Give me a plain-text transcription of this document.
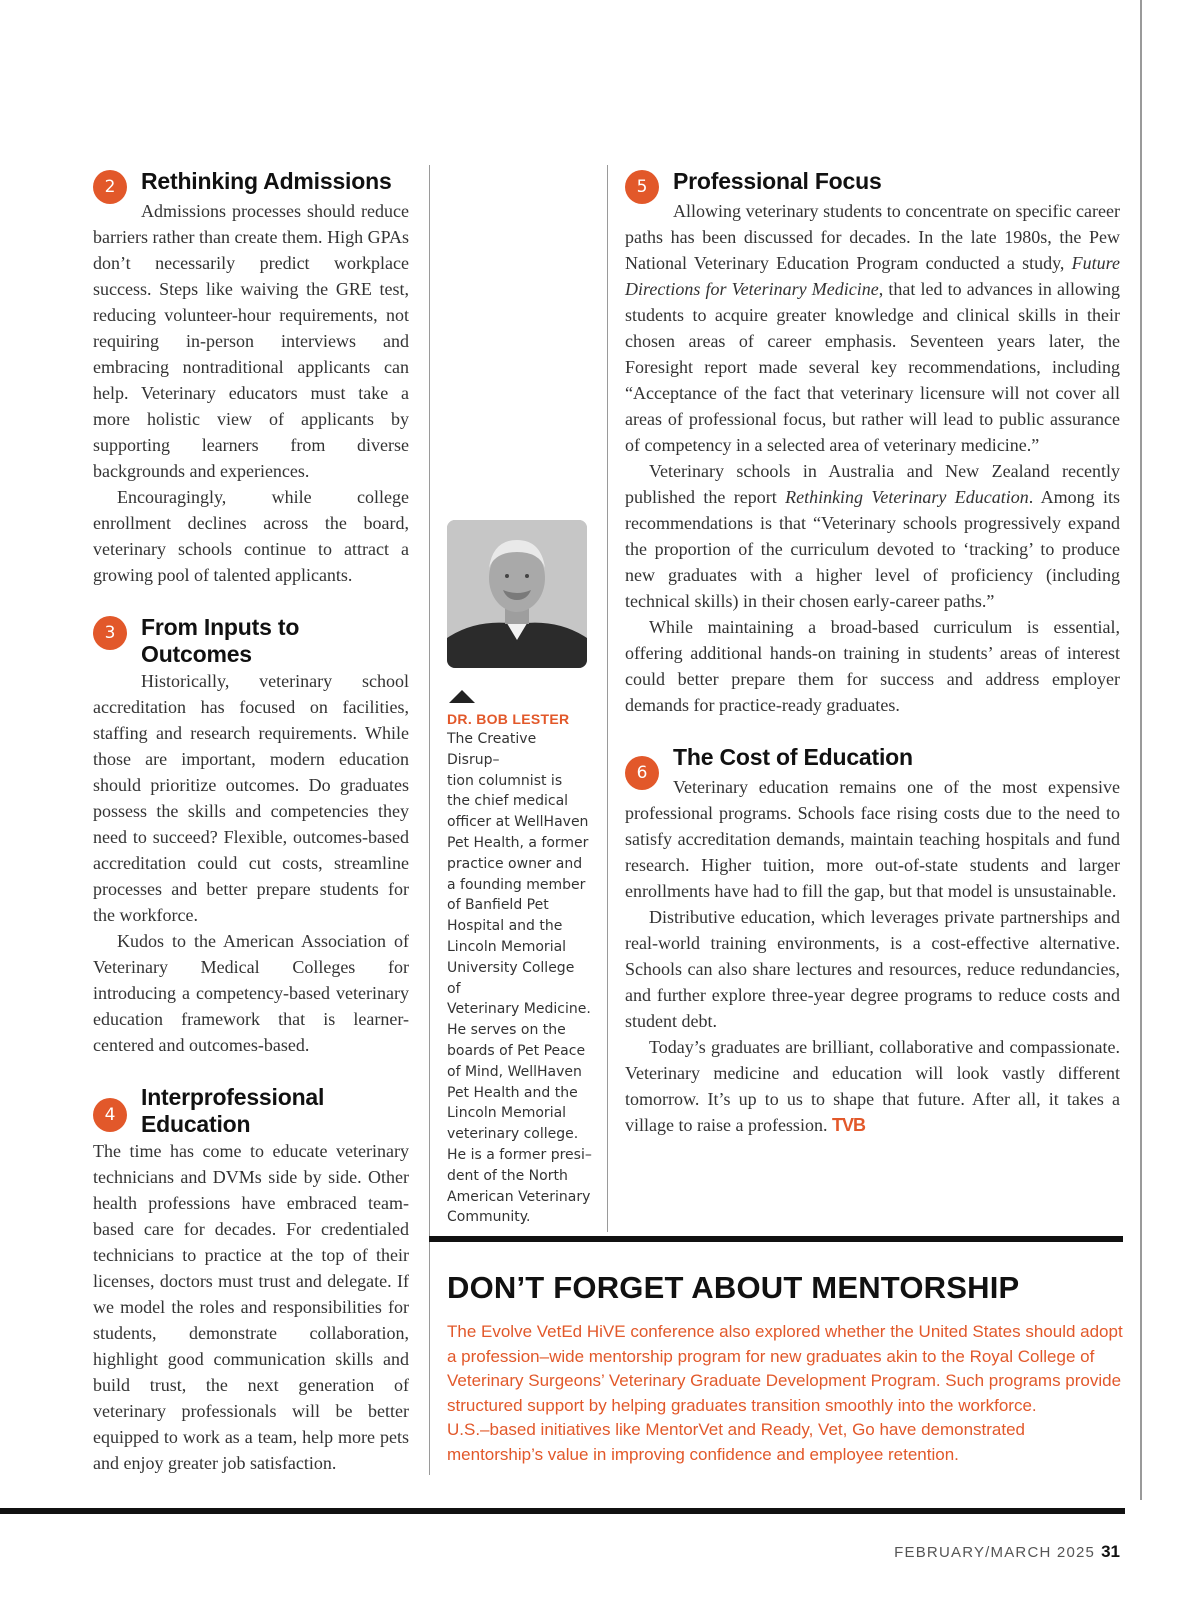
2	Rethinking Admissions

Admissions processes should reduce barriers rather than create them. High GPAs don’t necessarily predict workplace success. Steps like waiving the GRE test, reducing volunteer-hour requirements, not requiring in-person interviews and embracing nontraditional applicants can help. Veterinary educators must take a more holistic view of applicants by supporting learners from diverse backgrounds and experiences.

Encouragingly, while college enrollment declines across the board, veterinary schools continue to attract a growing pool of talented applicants.

3	From Inputs to Outcomes

Historically, veterinary school accreditation has focused on facilities, staffing and research requirements. While those are important, modern education should prioritize outcomes. Do graduates possess the skills and competencies they need to succeed? Flexible, outcomes-based accreditation could cut costs, streamline processes and better prepare students for the workforce.

Kudos to the American Association of Veterinary Medical Colleges for introducing a competency-based veterinary education framework that is learner-centered and outcomes-based.

4
Interprofessional
Education

The time has come to educate veterinary technicians and DVMs side by side. Other health professions have embraced team-based care for decades. For credentialed technicians to practice at the top of their licenses, doctors must trust and delegate. If we model the roles and responsibilities for students, demonstrate collaboration, highlight good communication skills and build trust, the next generation of veterinary professionals will be better equipped to work as a team, help more pets and enjoy greater job satisfaction.

DR. BOB LESTER
The Creative Disrup–
tion columnist is
the chief medical
officer at WellHaven
Pet Health, a former
practice owner and
a founding member
of Banfield Pet
Hospital and the
Lincoln Memorial
University College of
Veterinary Medicine.
He serves on the
boards of Pet Peace
of Mind, WellHaven
Pet Health and the
Lincoln Memorial
veterinary college.
He is a former presi–
dent of the North
American Veterinary
Community.
5	Professional Focus

Allowing veterinary students to concentrate on specific career paths has been discussed for decades. In the late 1980s, the Pew National Veterinary Education Program conducted a study, Future Directions for Veterinary Medicine, that led to advances in allowing students to acquire greater knowledge and clinical skills in their chosen areas of career emphasis. Seventeen years later, the Foresight report made several key recommendations, including “Acceptance of the fact that veterinary licensure will not cover all areas of professional focus, but rather will lead to public assurance of competency in a selected area of veterinary medicine.”

Veterinary schools in Australia and New Zealand recently published the report Rethinking Veterinary Education. Among its recommendations is that “Veterinary schools progressively expand the proportion of the curriculum devoted to ‘tracking’ to produce new graduates with a higher level of proficiency (including technical skills) in their chosen early-career paths.”

While maintaining a broad-based curriculum is essential, offering additional hands-on training in students’ areas of interest could better prepare them for success and address employer demands for practice-ready graduates.

6
The Cost of Education

Veterinary education remains one of the most expensive professional programs. Schools face rising costs due to the need to satisfy accreditation demands, maintain teaching hospitals and fund research. Higher tuition, more out-of-state students and larger enrollments have had to fill the gap, but that model is unsustainable.

Distributive education, which leverages private partnerships and real-world training environments, is a cost-effective alternative. Schools can also share lectures and resources, reduce redundancies, and further explore three-year degree programs to reduce costs and student debt.

Today’s graduates are brilliant, collaborative and compassionate. Veterinary medicine and education will look vastly different tomorrow. It’s up to us to shape that future. After all, it takes a village to raise a profession. TVB

DON’T FORGET ABOUT MENTORSHIP
The Evolve VetEd HiVE conference also explored whether the United States should adopt
a profession–wide mentorship program for new graduates akin to the Royal College of
Veterinary Surgeons’ Veterinary Graduate Development Program. Such programs provide
structured support by helping graduates transition smoothly into the workforce.
U.S.–based initiatives like MentorVet and Ready, Vet, Go have demonstrated
mentorship’s value in improving confidence and employee retention.
FEBRUARY/MARCH 2025 31
